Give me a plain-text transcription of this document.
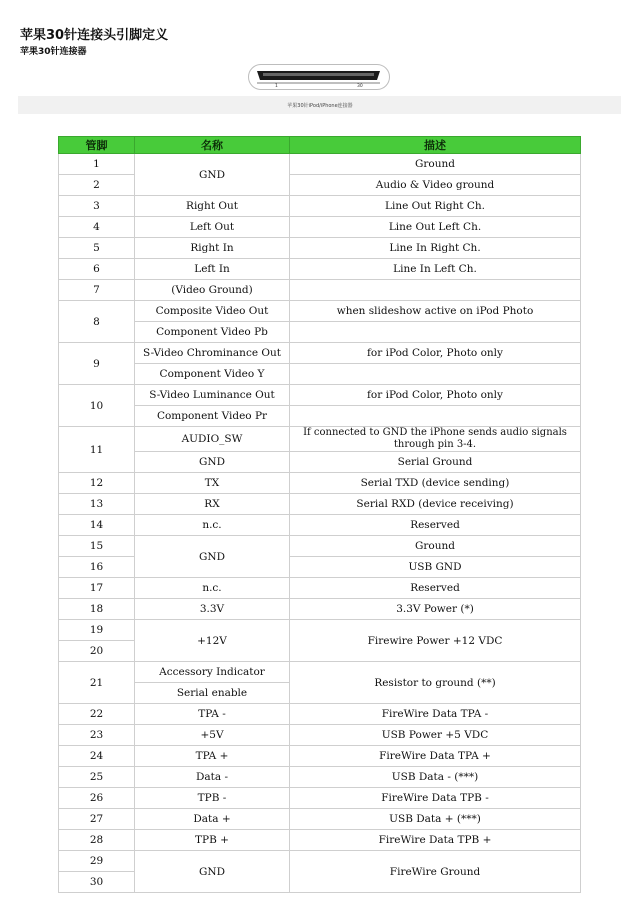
苹果30针连接头引脚定义
苹果30针连接器
1	30
苹果30针iPod/iPhone连接器
管脚	名称	描述
1	GND	Ground
2		Audio & Video ground
3	Right Out	Line Out Right Ch.
4	Left Out	Line Out Left Ch.
5	Right In	Line In Right Ch.
6	Left In	Line In Left Ch.
7	(Video Ground)	
8	Composite Video Out	when slideshow active on iPod Photo
	Component Video Pb	
9	S-Video Chrominance Out	for iPod Color, Photo only
	Component Video Y	
10	S-Video Luminance Out	for iPod Color, Photo only
	Component Video Pr	
11	AUDIO_SW	If connected to GND the iPhone sends audio signals through pin 3-4.
	GND	Serial Ground
12	TX	Serial TXD (device sending)
13	RX	Serial RXD (device receiving)
14	n.c.	Reserved
15	GND	Ground
16		USB GND
17	n.c.	Reserved
18	3.3V	3.3V Power (*)
19	+12V	Firewire Power +12 VDC
20		
21	Accessory Indicator	Resistor to ground (**)
	Serial enable	
22	TPA -	FireWire Data TPA -
23	+5V	USB Power +5 VDC
24	TPA +	FireWire Data TPA +
25	Data -	USB Data - (***)
26	TPB -	FireWire Data TPB -
27	Data +	USB Data + (***)
28	TPB +	FireWire Data TPB +
29	GND	FireWire Ground
30		
